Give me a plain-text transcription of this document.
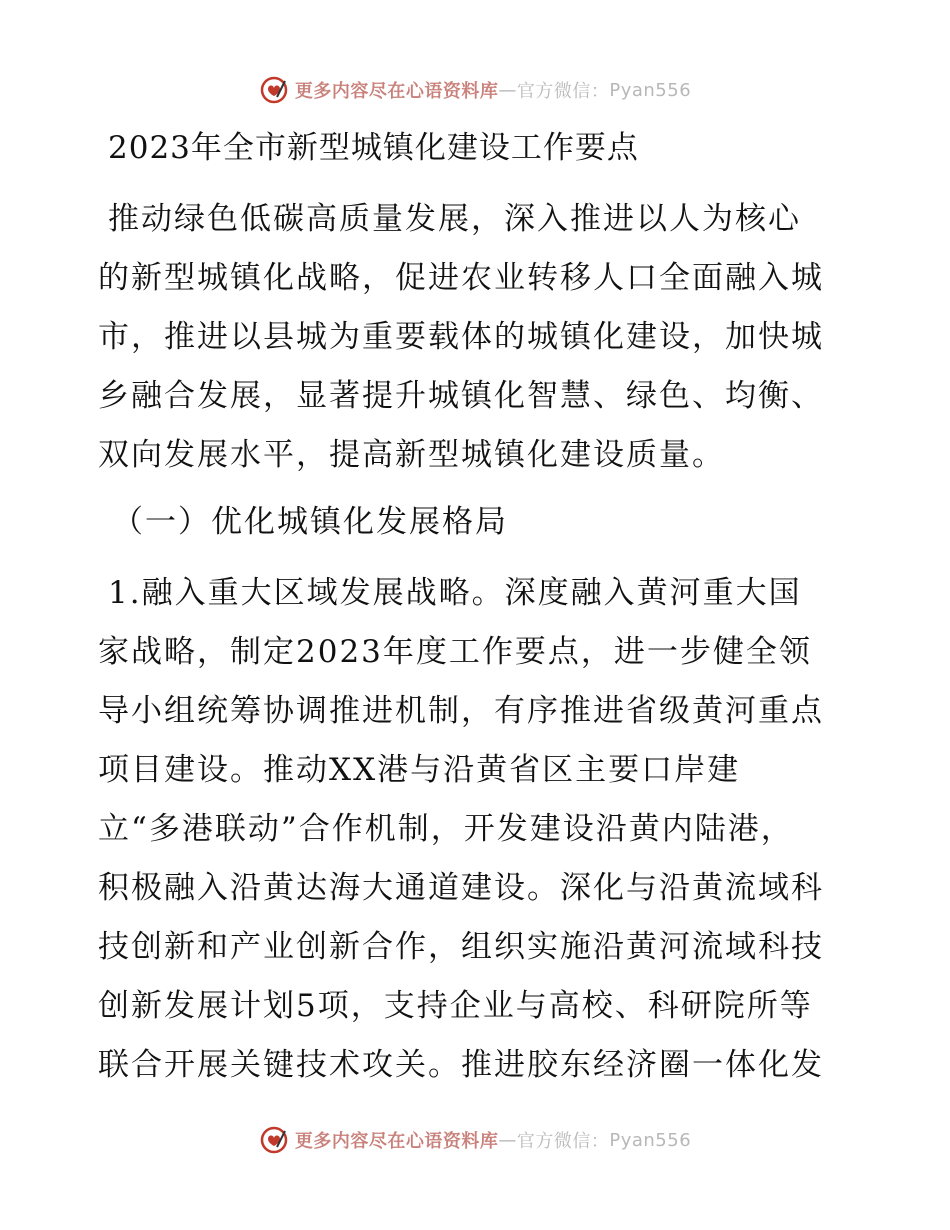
更多内容尽在心语资料库 — 官方微信： Pyan556
2023年全市新型城镇化建设工作要点
推动绿色低碳高质量发展，深入推进以人为核心
的新型城镇化战略，促进农业转移人口全面融入城
市，推进以县城为重要载体的城镇化建设，加快城
乡融合发展，显著提升城镇化智慧、绿色、均衡、
双向发展水平，提高新型城镇化建设质量。
（一）优化城镇化发展格局
1.融入重大区域发展战略。深度融入黄河重大国
家战略，制定2023年度工作要点，进一步健全领
导小组统筹协调推进机制，有序推进省级黄河重点
项目建设。推动XX港与沿黄省区主要口岸建
立“多港联动”合作机制，开发建设沿黄内陆港，
积极融入沿黄达海大通道建设。深化与沿黄流域科
技创新和产业创新合作，组织实施沿黄河流域科技
创新发展计划5项，支持企业与高校、科研院所等
联合开展关键技术攻关。推进胶东经济圈一体化发
更多内容尽在心语资料库 — 官方微信： Pyan556
